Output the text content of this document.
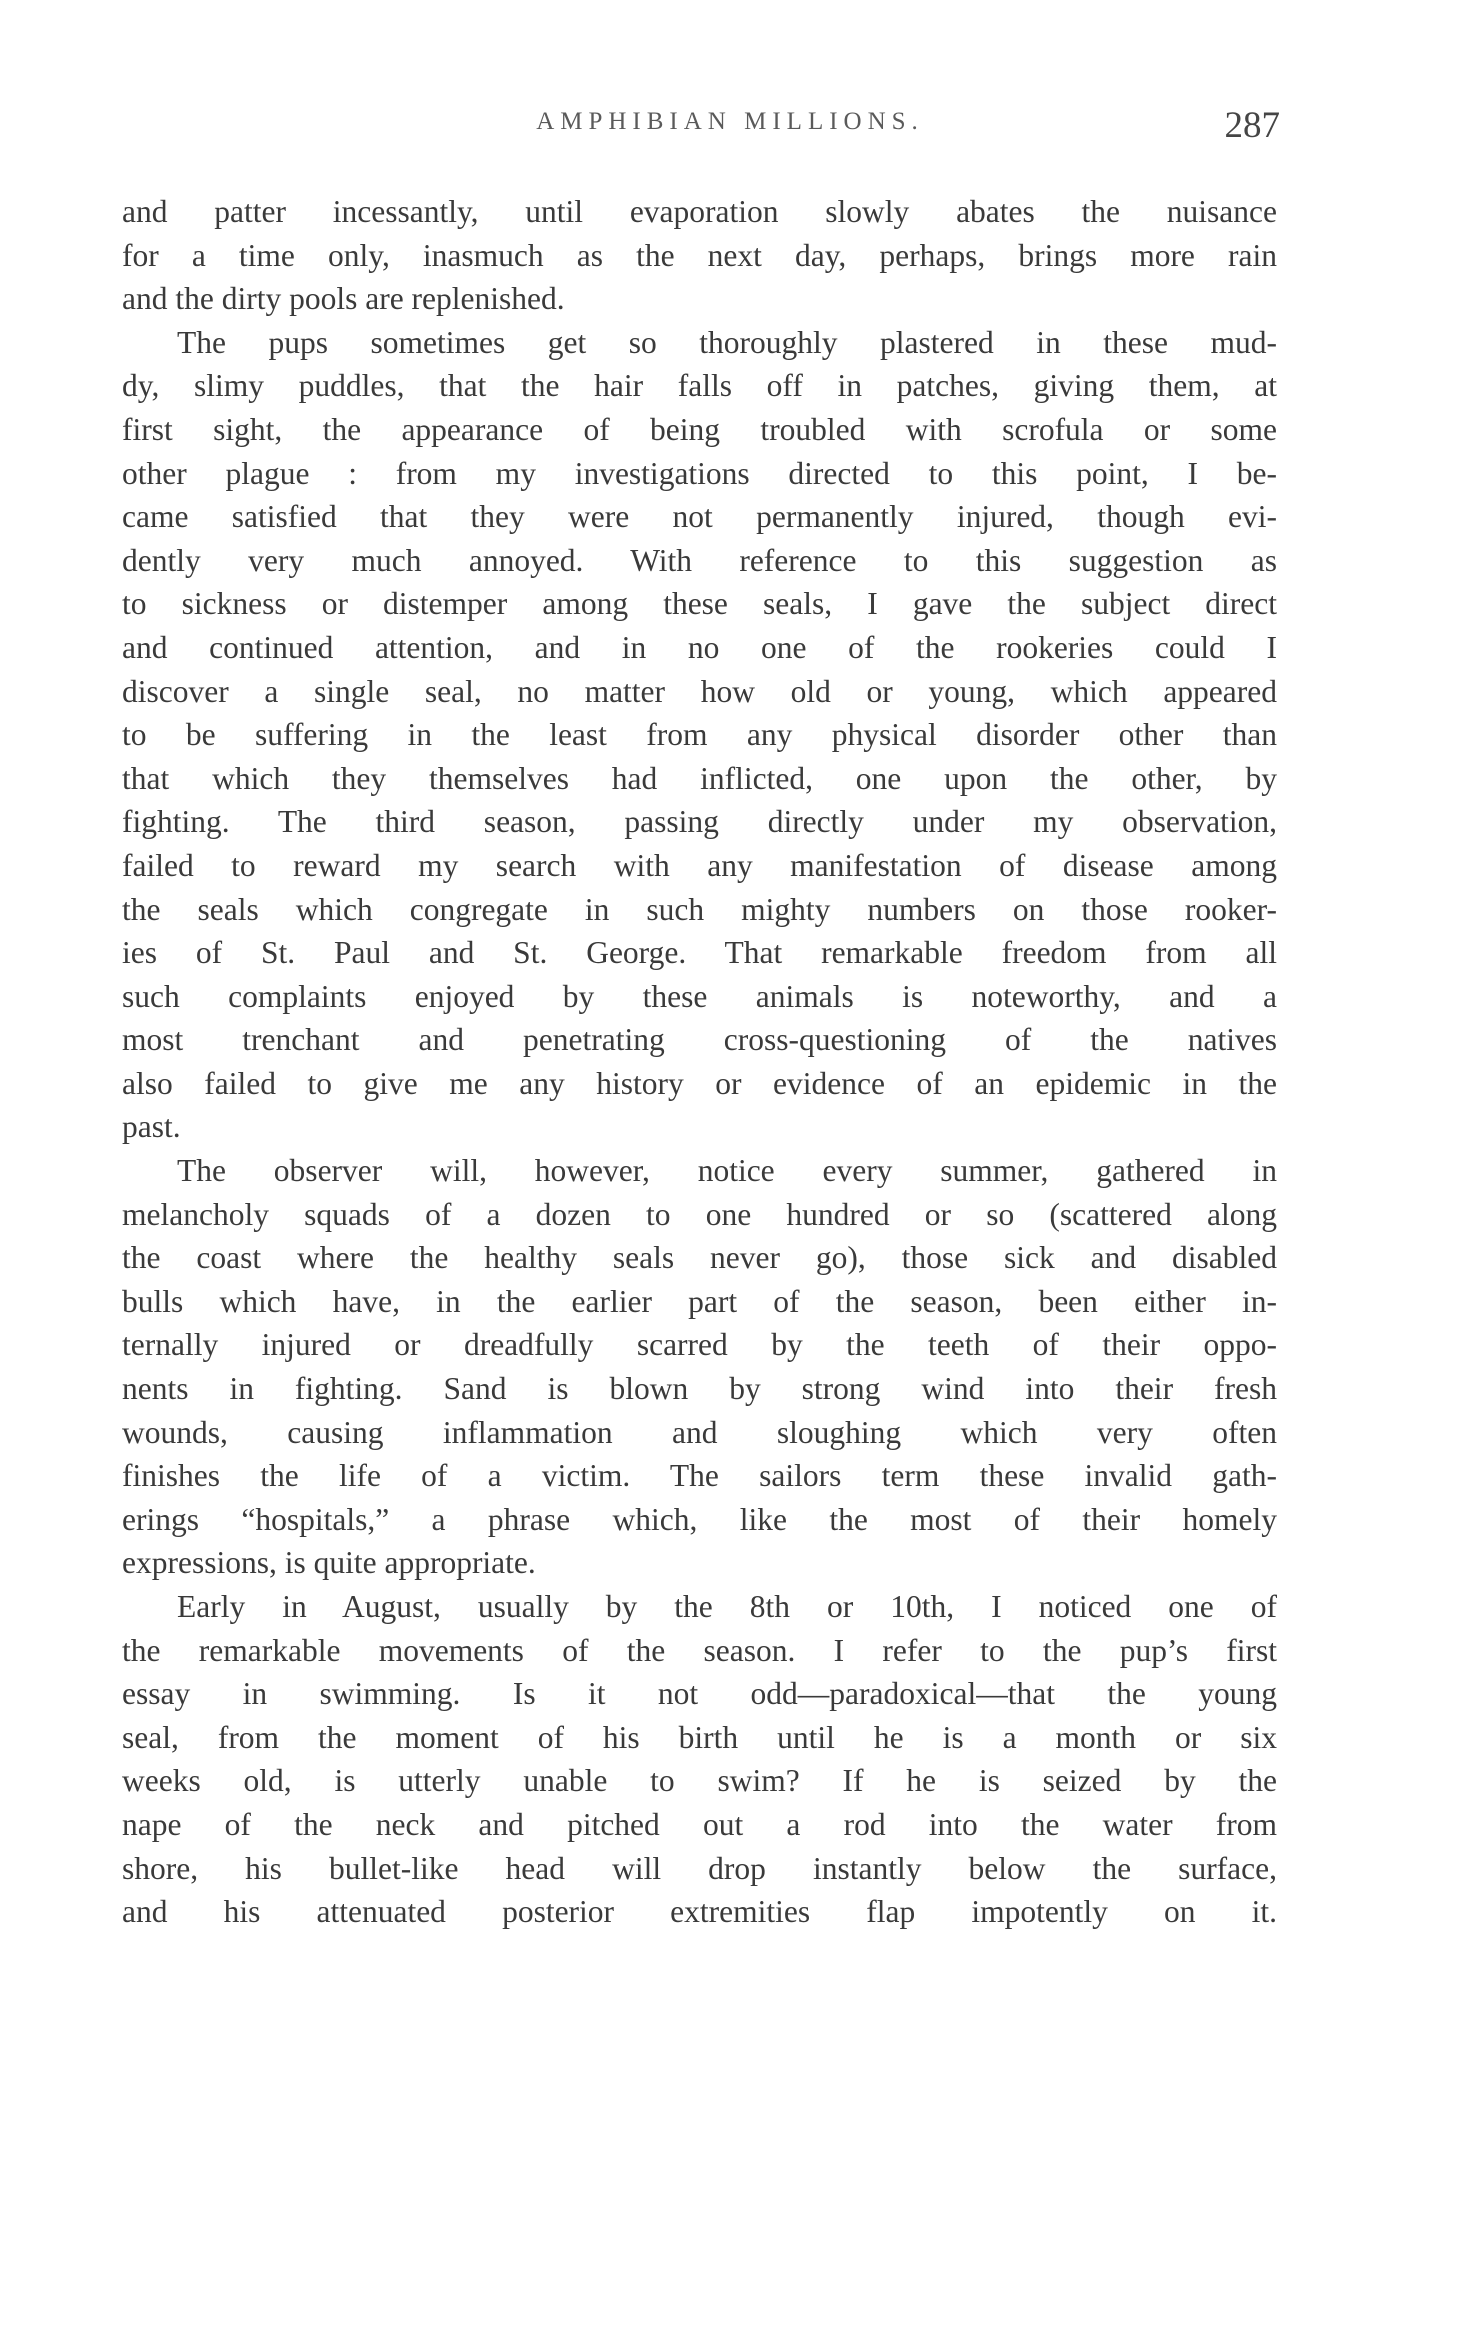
AMPHIBIAN MILLIONS.	287
and patter incessantly, until evaporation slowly abates the nuisance
for a time only, inasmuch as the next day, perhaps, brings more rain
and the dirty pools are replenished.
The pups sometimes get so thoroughly plastered in these mud-
dy, slimy puddles, that the hair falls off in patches, giving them, at
first sight, the appearance of being troubled with scrofula or some
other plague : from my investigations directed to this point, I be-
came satisfied that they were not permanently injured, though evi-
dently very much annoyed. With reference to this suggestion as
to sickness or distemper among these seals, I gave the subject direct
and continued attention, and in no one of the rookeries could I
discover a single seal, no matter how old or young, which appeared
to be suffering in the least from any physical disorder other than
that which they themselves had inflicted, one upon the other, by
fighting. The third season, passing directly under my observation,
failed to reward my search with any manifestation of disease among
the seals which congregate in such mighty numbers on those rooker-
ies of St. Paul and St. George. That remarkable freedom from all
such complaints enjoyed by these animals is noteworthy, and a
most trenchant and penetrating cross-questioning of the natives
also failed to give me any history or evidence of an epidemic in the
past.
The observer will, however, notice every summer, gathered in
melancholy squads of a dozen to one hundred or so (scattered along
the coast where the healthy seals never go), those sick and disabled
bulls which have, in the earlier part of the season, been either in-
ternally injured or dreadfully scarred by the teeth of their oppo-
nents in fighting. Sand is blown by strong wind into their fresh
wounds, causing inflammation and sloughing which very often
finishes the life of a victim. The sailors term these invalid gath-
erings “hospitals,” a phrase which, like the most of their homely
expressions, is quite appropriate.
Early in August, usually by the 8th or 10th, I noticed one of
the remarkable movements of the season. I refer to the pup’s first
essay in swimming. Is it not odd—paradoxical—that the young
seal, from the moment of his birth until he is a month or six
weeks old, is utterly unable to swim? If he is seized by the
nape of the neck and pitched out a rod into the water from
shore, his bullet-like head will drop instantly below the surface,
and his attenuated posterior extremities flap impotently on it.
